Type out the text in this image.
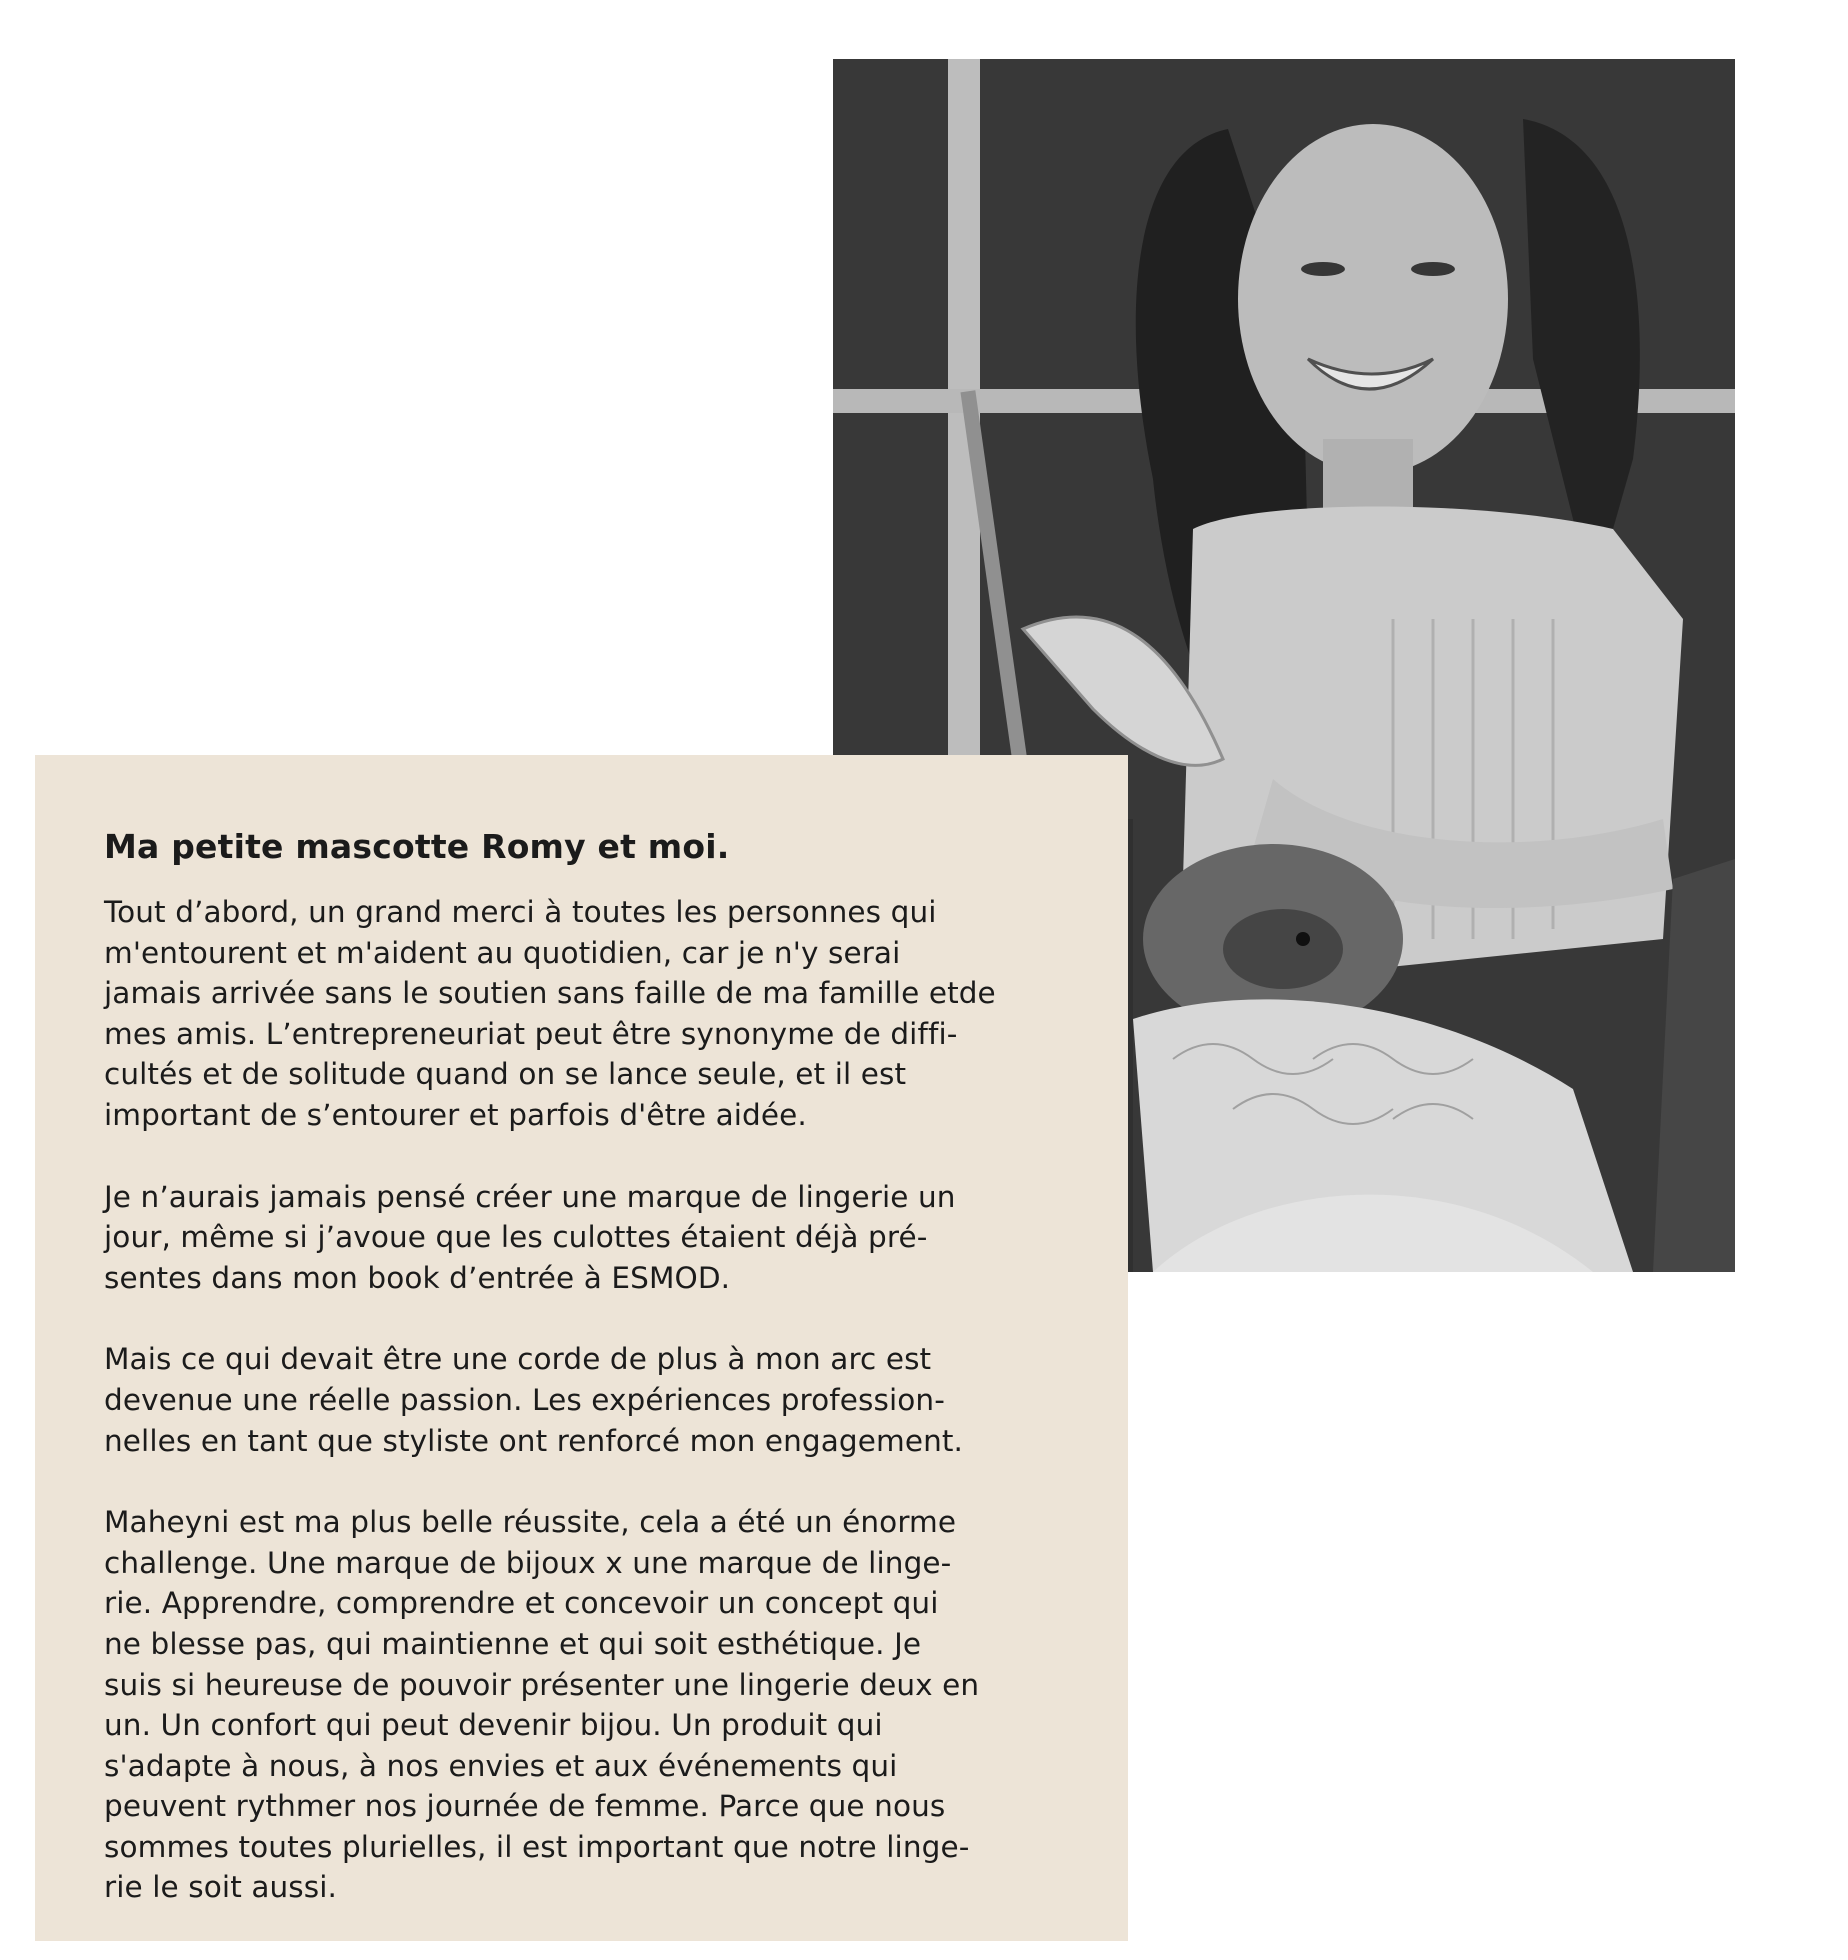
Ma petite mascotte Romy et moi.

Tout d’abord, un grand merci à toutes les personnes qui
m'entourent et m'aident au quotidien, car je n'y serai
jamais arrivée sans le soutien sans faille de ma famille etde
mes amis. L’entrepreneuriat peut être synonyme de diffi-
cultés et de solitude quand on se lance seule, et il est
important de s’entourer et parfois d'être aidée.

Je n’aurais jamais pensé créer une marque de lingerie un
jour, même si j’avoue que les culottes étaient déjà pré-
sentes dans mon book d’entrée à ESMOD.

Mais ce qui devait être une corde de plus à mon arc est
devenue une réelle passion. Les expériences profession-
nelles en tant que styliste ont renforcé mon engagement.

Maheyni est ma plus belle réussite, cela a été un énorme
challenge. Une marque de bijoux x une marque de linge-
rie. Apprendre, comprendre et concevoir un concept qui
ne blesse pas, qui maintienne et qui soit esthétique. Je
suis si heureuse de pouvoir présenter une lingerie deux en
un. Un confort qui peut devenir bijou. Un produit qui
s'adapte à nous, à nos envies et aux événements qui
peuvent rythmer nos journée de femme. Parce que nous
sommes toutes plurielles, il est important que notre linge-
rie le soit aussi.
